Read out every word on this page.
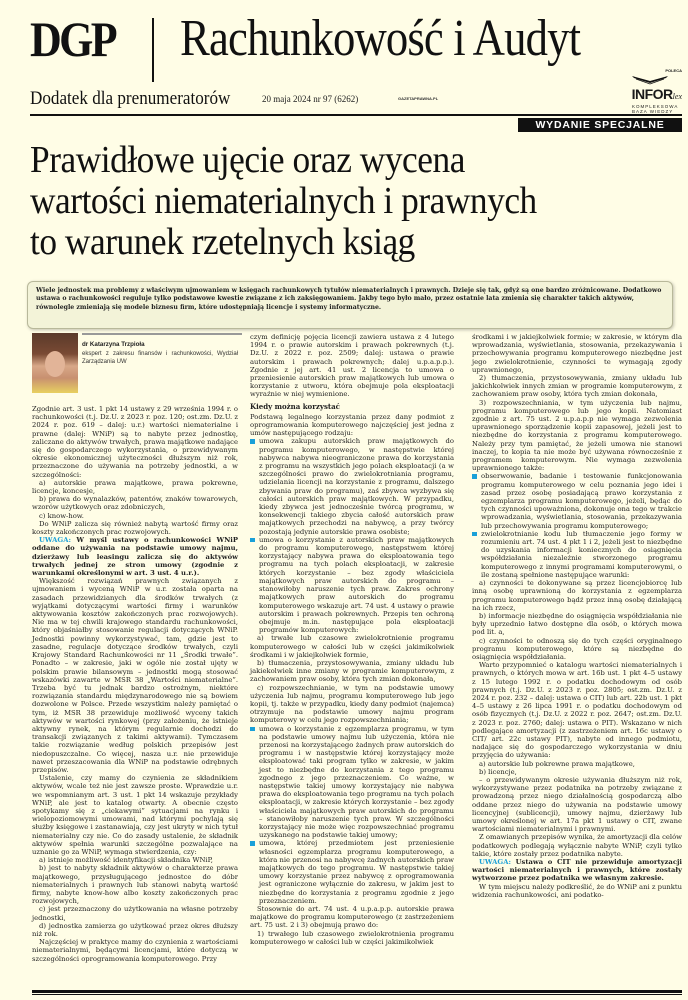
DGP Rachunkowość i Audyt
Dodatek dla prenumeratorów	20 maja 2024 nr 97 (6262)	GAZETAPRAWNA.PL
POLECA
INFORlex
KOMPLEKSOWA
BAZA WIEDZY
WYDANIE SPECJALNE
Prawidłowe ujęcie oraz wycena
wartości niematerialnych i prawnych
to warunek rzetelnych ksiąg
Wiele jednostek ma problemy z właściwym ujmowaniem w księgach rachunkowych tytułów niematerialnych i prawnych. Dzieje się tak, gdyż są one bardzo zróżnicowane. Dodatkowo ustawa o rachunkowości reguluje tylko podstawowe kwestie związane z ich zaksięgowaniem. Jakby tego było mało, przez ostatnie lata zmienia się charakter takich aktywów, równolegle zmieniają się modele biznesu firm, które udostępniają licencje i systemy informatyczne.
dr Katarzyna Trzpioła
ekspert z zakresu finansów i rachunkowości, Wydział Zarządzania UW

Zgodnie art. 3 ust. 1 pkt 14 ustawy z 29 września 1994 r. o rachunkowości (t.j. Dz.U. z 2023 r. poz. 120; ost.zm. Dz.U. z 2024 r. poz. 619 – dalej: u.r.) wartości niematerialne i prawne (dalej: WNiP) są to nabyte przez jednostkę, zaliczane do aktywów trwałych, prawa majątkowe nadające się do gospodarczego wykorzystania, o przewidywanym okresie ekonomicznej użyteczności dłuższym niż rok, przeznaczone do używania na potrzeby jednostki, a w szczególności:

a) autorskie prawa majątkowe, prawa pokrewne, licencje, koncesje,

b) prawa do wynalazków, patentów, znaków towarowych, wzorów użytkowych oraz zdobniczych,

c) know-how.

Do WNiP zalicza się również nabytą wartość firmy oraz koszty zakończonych prac rozwojowych.

UWAGA: W myśl ustawy o rachunkowości WNiP oddane do używania na podstawie umowy najmu, dzierżawy lub leasingu zalicza się do aktywów trwałych jednej ze stron umowy (zgodnie z warunkami określonymi w art. 3 ust. 4 u.r.).

Większość rozwiązań prawnych związanych z ujmowaniem i wyceną WNiP w u.r. została oparta na zasadach przewidzianych dla środków trwałych (z wyjątkami dotyczącymi wartości firmy i warunków aktywowania kosztów zakończonych prac rozwojowych). Nie ma w tej chwili krajowego standardu rachunkowości, który objaśniałby stosowanie regulacji dotyczących WNiP. Jednostki powinny wykorzystywać, tam, gdzie jest to zasadne, regulacje dotyczące środków trwałych, czyli Krajowy Standard Rachunkowości nr 11 „Środki trwałe”. Ponadto – w zakresie, jaki w ogóle nie został ujęty w polskim prawie bilansowym – jednostki mogą stosować wskazówki zawarte w MSR 38 „Wartości niematerialne”. Trzeba być tu jednak bardzo ostrożnym, niektóre rozwiązania standardu międzynarodowego nie są bowiem dozwolone w Polsce. Przede wszystkim należy pamiętać o tym, iż MSR 38 przewiduje możliwość wyceny takich aktywów w wartości rynkowej (przy założeniu, że istnieje aktywny rynek, na którym regularnie dochodzi do transakcji związanych z takimi aktywami). Tymczasem takie rozwiązanie według polskich przepisów jest niedopuszczalne. Co więcej, nasza u.r. nie przewiduje nawet przeszacowania dla WNiP na podstawie odrębnych przepisów.

Ustalenie, czy mamy do czynienia ze składnikiem aktywów, wcale też nie jest zawsze proste. Wprawdzie u.r. we wspomnianym art. 3 ust. 1 pkt 14 wskazuje przykłady WNiP, ale jest to katalog otwarty. A obecnie często spotykamy się z „ciekawymi” sytuacjami na rynku i wielopoziomowymi umowami, nad którymi pochylają się służby księgowe i zastanawiają, czy jest ukryty w nich tytuł niematerialny czy nie. Co do zasady ustalenie, że składnik aktywów spełnia warunki szczególne pozwalające na uznanie go za WNiP, wymaga stwierdzenia, czy:

a) istnieje możliwość identyfikacji składnika WNiP,

b) jest to nabyty składnik aktywów o charakterze prawa majątkowego, przysługującego jednostce do dóbr niematerialnych i prawnych lub stanowi nabytą wartość firmy, nabyte know-how albo koszty zakończonych prac rozwojowych,

c) jest przeznaczony do użytkowania na własne potrzeby jednostki,

d) jednostka zamierza go użytkować przez okres dłuższy niż rok.

Najczęściej w praktyce mamy do czynienia z wartościami niematerialnymi, będącymi licencjami, które dotyczą w szczególności oprogramowania komputerowego. Przy

czym definicję pojęcia licencji zawiera ustawa z 4 lutego 1994 r. o prawie autorskim i prawach pokrewnych (t.j. Dz.U. z 2022 r. poz. 2509; dalej: ustawa o prawie autorskim i prawach pokrewnych; dalej u.p.a.p.p.). Zgodnie z jej art. 41 ust. 2 licencja to umowa o przeniesienie autorskich praw majątkowych lub umowa o korzystanie z utworu, która obejmuje pola eksploatacji wyraźnie w niej wymienione.

Kiedy można korzystać

Podstawą legalnego korzystania przez dany podmiot z oprogramowania komputerowego najczęściej jest jedna z umów następującego rodzaju:

umowa zakupu autorskich praw majątkowych do programu komputerowego, w następstwie której nabywca nabywa nieograniczone prawa do korzystania z programu na wszystkich jego polach eksploatacji (a w szczególności prawo do zwielokrotniania programu, udzielania licencji na korzystanie z programu, dalszego zbywania praw do programu), zaś zbywca wyzbywa się całości autorskich praw majątkowych. W przypadku, kiedy zbywca jest jednocześnie twórcą programu, w konsekwencji takiego zbycia całość autorskich praw majątkowych przechodzi na nabywcę, a przy twórcy pozostają jedynie autorskie prawa osobiste;

umowa o korzystanie z autorskich praw majątkowych do programu komputerowego, następstwem której korzystający nabywa prawa do eksploatowania tego programu na tych polach eksploatacji, w zakresie których korzystanie – bez zgody właściciela majątkowych praw autorskich do programu – stanowiłoby naruszenie tych praw. Zakres ochrony majątkowych praw autorskich do programu komputerowego wskazuje art. 74 ust. 4 ustawy o prawie autorskim i prawach pokrewnych. Przepis ten ochroną obejmuje m.in. następujące pola eksploatacji programów komputerowych:

a) trwałe lub czasowe zwielokrotnienie programu komputerowego w całości lub w części jakimikolwiek środkami i w jakiejkolwiek formie,

b) tłumaczenia, przystosowywania, zmiany układu lub jakiekolwiek inne zmiany w programie komputerowym, z zachowaniem praw osoby, która tych zmian dokonała,

c) rozpowszechnianie, w tym na podstawie umowy użyczenia lub najmu, programu komputerowego lub jego kopii, tj. także w przypadku, kiedy dany podmiot (najemca) otrzymuje na podstawie umowy najmu program komputerowy w celu jego rozpowszechniania;

umowa o korzystanie z egzemplarza programu, w tym na podstawie umowy najmu lub użyczenia, która nie przenosi na korzystającego żadnych praw autorskich do programu i w następstwie której korzystający może eksploatować taki program tylko w zakresie, w jakim jest to niezbędne do korzystania z tego programu zgodnego z jego przeznaczeniem. Co ważne, w następstwie takiej umowy korzystający nie nabywa prawa do eksploatowania tego programu na tych polach eksploatacji, w zakresie których korzystanie – bez zgody właściciela majątkowych praw autorskich do programu – stanowiłoby naruszenie tych praw. W szczególności korzystający nie może więc rozpowszechniać programu uzyskanego na podstawie takiej umowy;

umowa, której przedmiotem jest przeniesienie własności egzemplarza programu komputerowego, a która nie przenosi na nabywcę żadnych autorskich praw majątkowych do tego programu. W następstwie takiej umowy korzystanie przez nabywcę z oprogramowania jest ograniczone wyłącznie do zakresu, w jakim jest to niezbędne do korzystania z programu zgodnie z jego przeznaczeniem.

Stosownie do art. 74 ust. 4 u.p.a.p.p. autorskie prawa majątkowe do programu komputerowego (z zastrzeżeniem art. 75 ust. 2 i 3) obejmują prawo do:

1) trwałego lub czasowego zwielokrotnienia programu komputerowego w całości lub w części jakimikolwiek

środkami i w jakiejkolwiek formie; w zakresie, w którym dla wprowadzania, wyświetlania, stosowania, przekazywania i przechowywania programu komputerowego niezbędne jest jego zwielokrotnienie, czynności te wymagają zgody uprawnionego,

2) tłumaczenia, przystosowywania, zmiany układu lub jakichkolwiek innych zmian w programie komputerowym, z zachowaniem praw osoby, która tych zmian dokonała,

3) rozpowszechniania, w tym użyczenia lub najmu, programu komputerowego lub jego kopii. Natomiast zgodnie z art. 75 ust. 2 u.p.a.p.p nie wymaga zezwolenia uprawnionego sporządzenie kopii zapasowej, jeżeli jest to niezbędne do korzystania z programu komputerowego. Należy przy tym pamiętać, że jeżeli umowa nie stanowi inaczej, to kopia ta nie może być używana równocześnie z programem komputerowym. Nie wymaga zezwolenia uprawnionego także:

obserwowanie, badanie i testowanie funkcjonowania programu komputerowego w celu poznania jego idei i zasad przez osobę posiadającą prawo korzystania z egzemplarza programu komputerowego, jeżeli, będąc do tych czynności upoważniona, dokonuje ona tego w trakcie wprowadzania, wyświetlania, stosowania, przekazywania lub przechowywania programu komputerowego;

zwielokrotnianie kodu lub tłumaczenie jego formy w rozumieniu art. 74 ust. 4 pkt 1 i 2, jeżeli jest to niezbędne do uzyskania informacji koniecznych do osiągnięcia współdziałania niezależnie stworzonego programu komputerowego z innymi programami komputerowymi, o ile zostaną spełnione następujące warunki:

a) czynności te dokonywane są przez licencjobiorcę lub inną osobę uprawnioną do korzystania z egzemplarza programu komputerowego bądź przez inną osobę działającą na ich rzecz,

b) informacje niezbędne do osiągnięcia współdziałania nie były uprzednio łatwo dostępne dla osób, o których mowa pod lit. a,

c) czynności te odnoszą się do tych części oryginalnego programu komputerowego, które są niezbędne do osiągnięcia współdziałania.

Warto przypomnieć o katalogu wartości niematerialnych i prawnych, o których mowa w art. 16b ust. 1 pkt 4–5 ustawy z 15 lutego 1992 r. o podatku dochodowym od osób prawnych (t.j. Dz.U. z 2023 r. poz. 2805; ost.zm. Dz.U. z 2024 r. poz. 232 – dalej: ustawa o CIT) lub art. 22b ust. 1 pkt 4–5 ustawy z 26 lipca 1991 r. o podatku dochodowym od osób fizycznych (t.j. Dz.U. z 2022 r. poz. 2647; ost.zm. Dz.U. z 2023 r. poz. 2760; dalej: ustawa o PIT). Wskazano w nich podlegające amortyzacji (z zastrzeżeniem art. 16c ustawy o CIT/ art. 22c ustawy PIT), nabyte od innego podmiotu, nadające się do gospodarczego wykorzystania w dniu przyjęcia do używania:

a) autorskie lub pokrewne prawa majątkowe,

b) licencje,

– o przewidywanym okresie używania dłuższym niż rok, wykorzystywane przez podatnika na potrzeby związane z prowadzoną przez niego działalnością gospodarczą albo oddane przez niego do używania na podstawie umowy licencyjnej (sublicencji), umowy najmu, dzierżawy lub umowy określonej w art. 17a pkt 1 ustawy o CIT, zwane wartościami niematerialnymi i prawnymi.

Z omawianych przepisów wynika, że amortyzacji dla celów podatkowych podlegają wyłącznie nabyte WNiP, czyli tylko takie, które zostały przez podatnika nabyte.

UWAGA: Ustawa o CIT nie przewiduje amortyzacji wartości niematerialnych i prawnych, które zostały wytworzone przez podatnika we własnym zakresie.

W tym miejscu należy podkreślić, że do WNiP ani z punktu widzenia rachunkowości, ani podatko-
